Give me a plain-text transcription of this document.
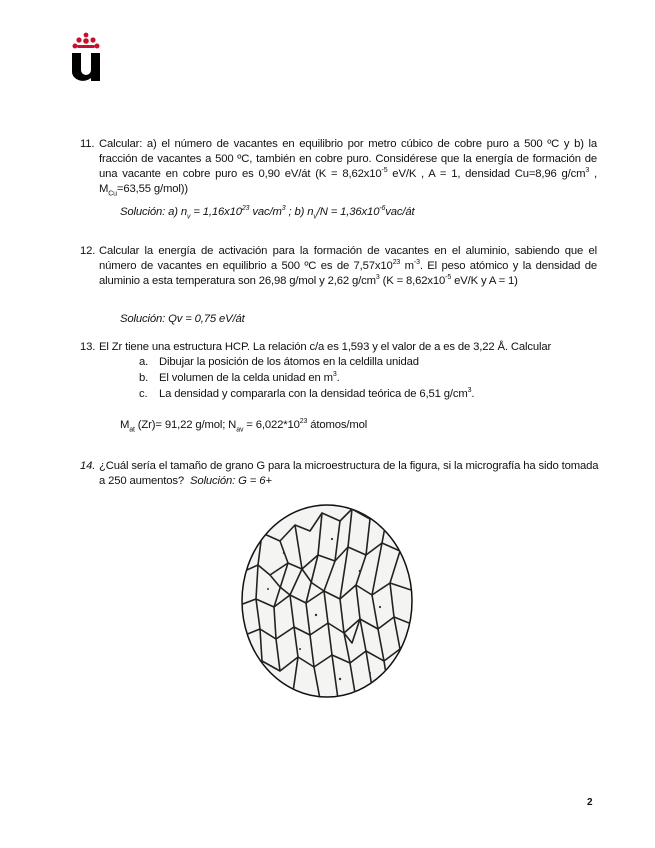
11. Calcular: a) el número de vacantes en equilibrio por metro cúbico de cobre puro a 500 ºC y b) la fracción de vacantes a 500 ºC, también en cobre puro. Considérese que la energía de formación de una vacante en cobre puro es 0,90 eV/át ($K = 8,62x10^{-5}$ eV/K , A = 1, densidad Cu=8,96 $g/cm^3$ , $M_{Cu}=63,55$ g/mol))
Solución: a) $n_v = 1,16x10^{23}$ vac/$m^3$ ; b) $n_v/N$ = $1,36x10^{-6}vac/át$
12. Calcular la energía de activación para la formación de vacantes en el aluminio, sabiendo que el número de vacantes en equilibrio a 500 ºC es de $7,57x10^{23}$ $m^{-3}$. El peso atómico y la densidad de aluminio a esta temperatura son 26,98 g/mol y 2,62 $g/cm^3$ ($K = 8,62x10^{-5}$ eV/K y A = 1)
Solución: Qv = 0,75 eV/át
13. El Zr tiene una estructura HCP. La relación c/a es 1,593 y el valor de a es de 3,22 Å. Calcular
a. Dibujar la posición de los átomos en la celdilla unidad
b. El volumen de la celda unidad en $m^3$.
c. La densidad y compararla con la densidad teórica de 6,51 $g/cm^3$.
$M_{at}$ (Zr)= 91,22 g/mol; $N_{av} = 6,022*10^{23}$ átomos/mol
14. ¿Cuál sería el tamaño de grano G para la microestructura de la figura, si la micrografía ha sido tomada a 250 aumentos? Solución: G = 6+
2
